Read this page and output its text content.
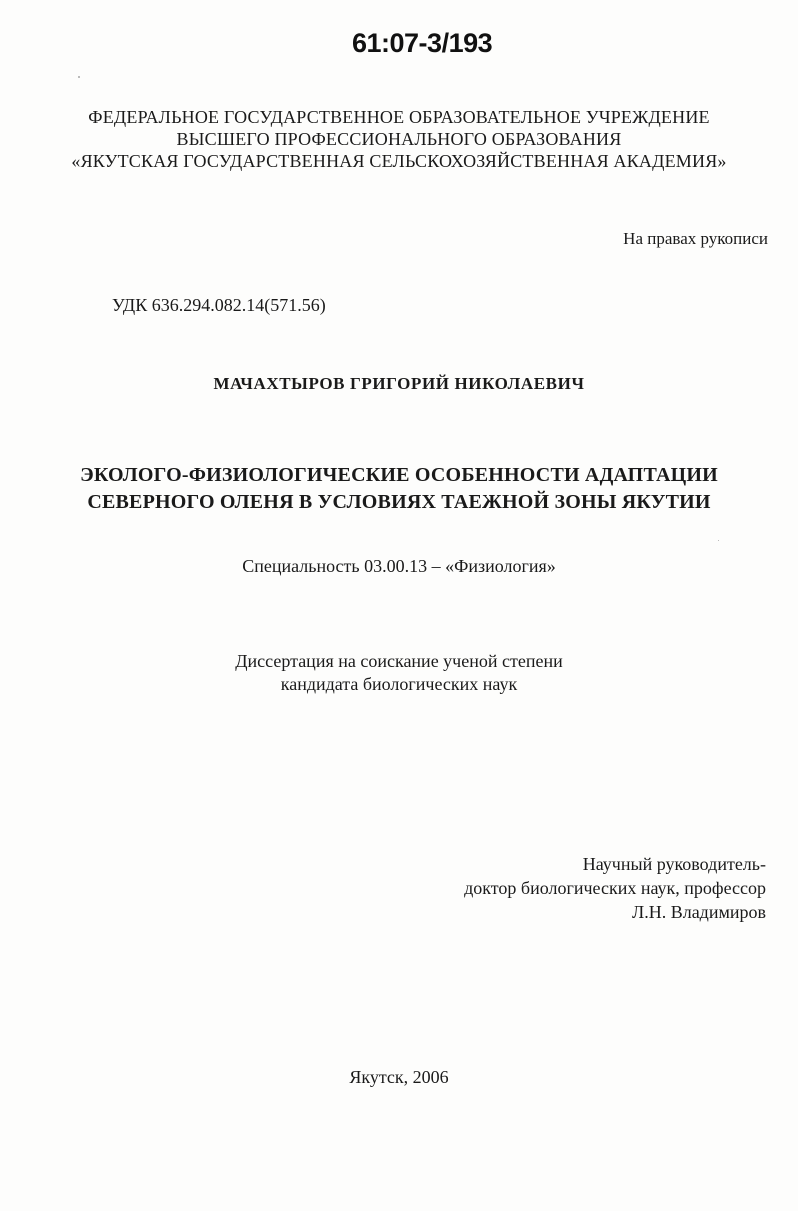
61:07-3/193
ФЕДЕРАЛЬНОЕ ГОСУДАРСТВЕННОЕ ОБРАЗОВАТЕЛЬНОЕ УЧРЕЖДЕНИЕ
ВЫСШЕГО ПРОФЕССИОНАЛЬНОГО ОБРАЗОВАНИЯ
«ЯКУТСКАЯ ГОСУДАРСТВЕННАЯ СЕЛЬСКОХОЗЯЙСТВЕННАЯ АКАДЕМИЯ»
На правах рукописи
УДК 636.294.082.14(571.56)
МАЧАХТЫРОВ ГРИГОРИЙ НИКОЛАЕВИЧ
ЭКОЛОГО-ФИЗИОЛОГИЧЕСКИЕ ОСОБЕННОСТИ АДАПТАЦИИ
СЕВЕРНОГО ОЛЕНЯ В УСЛОВИЯХ ТАЕЖНОЙ ЗОНЫ ЯКУТИИ
Специальность 03.00.13 – «Физиология»
Диссертация на соискание ученой степени
кандидата биологических наук
Научный руководитель-
доктор биологических наук, профессор
Л.Н. Владимиров
Якутск, 2006
